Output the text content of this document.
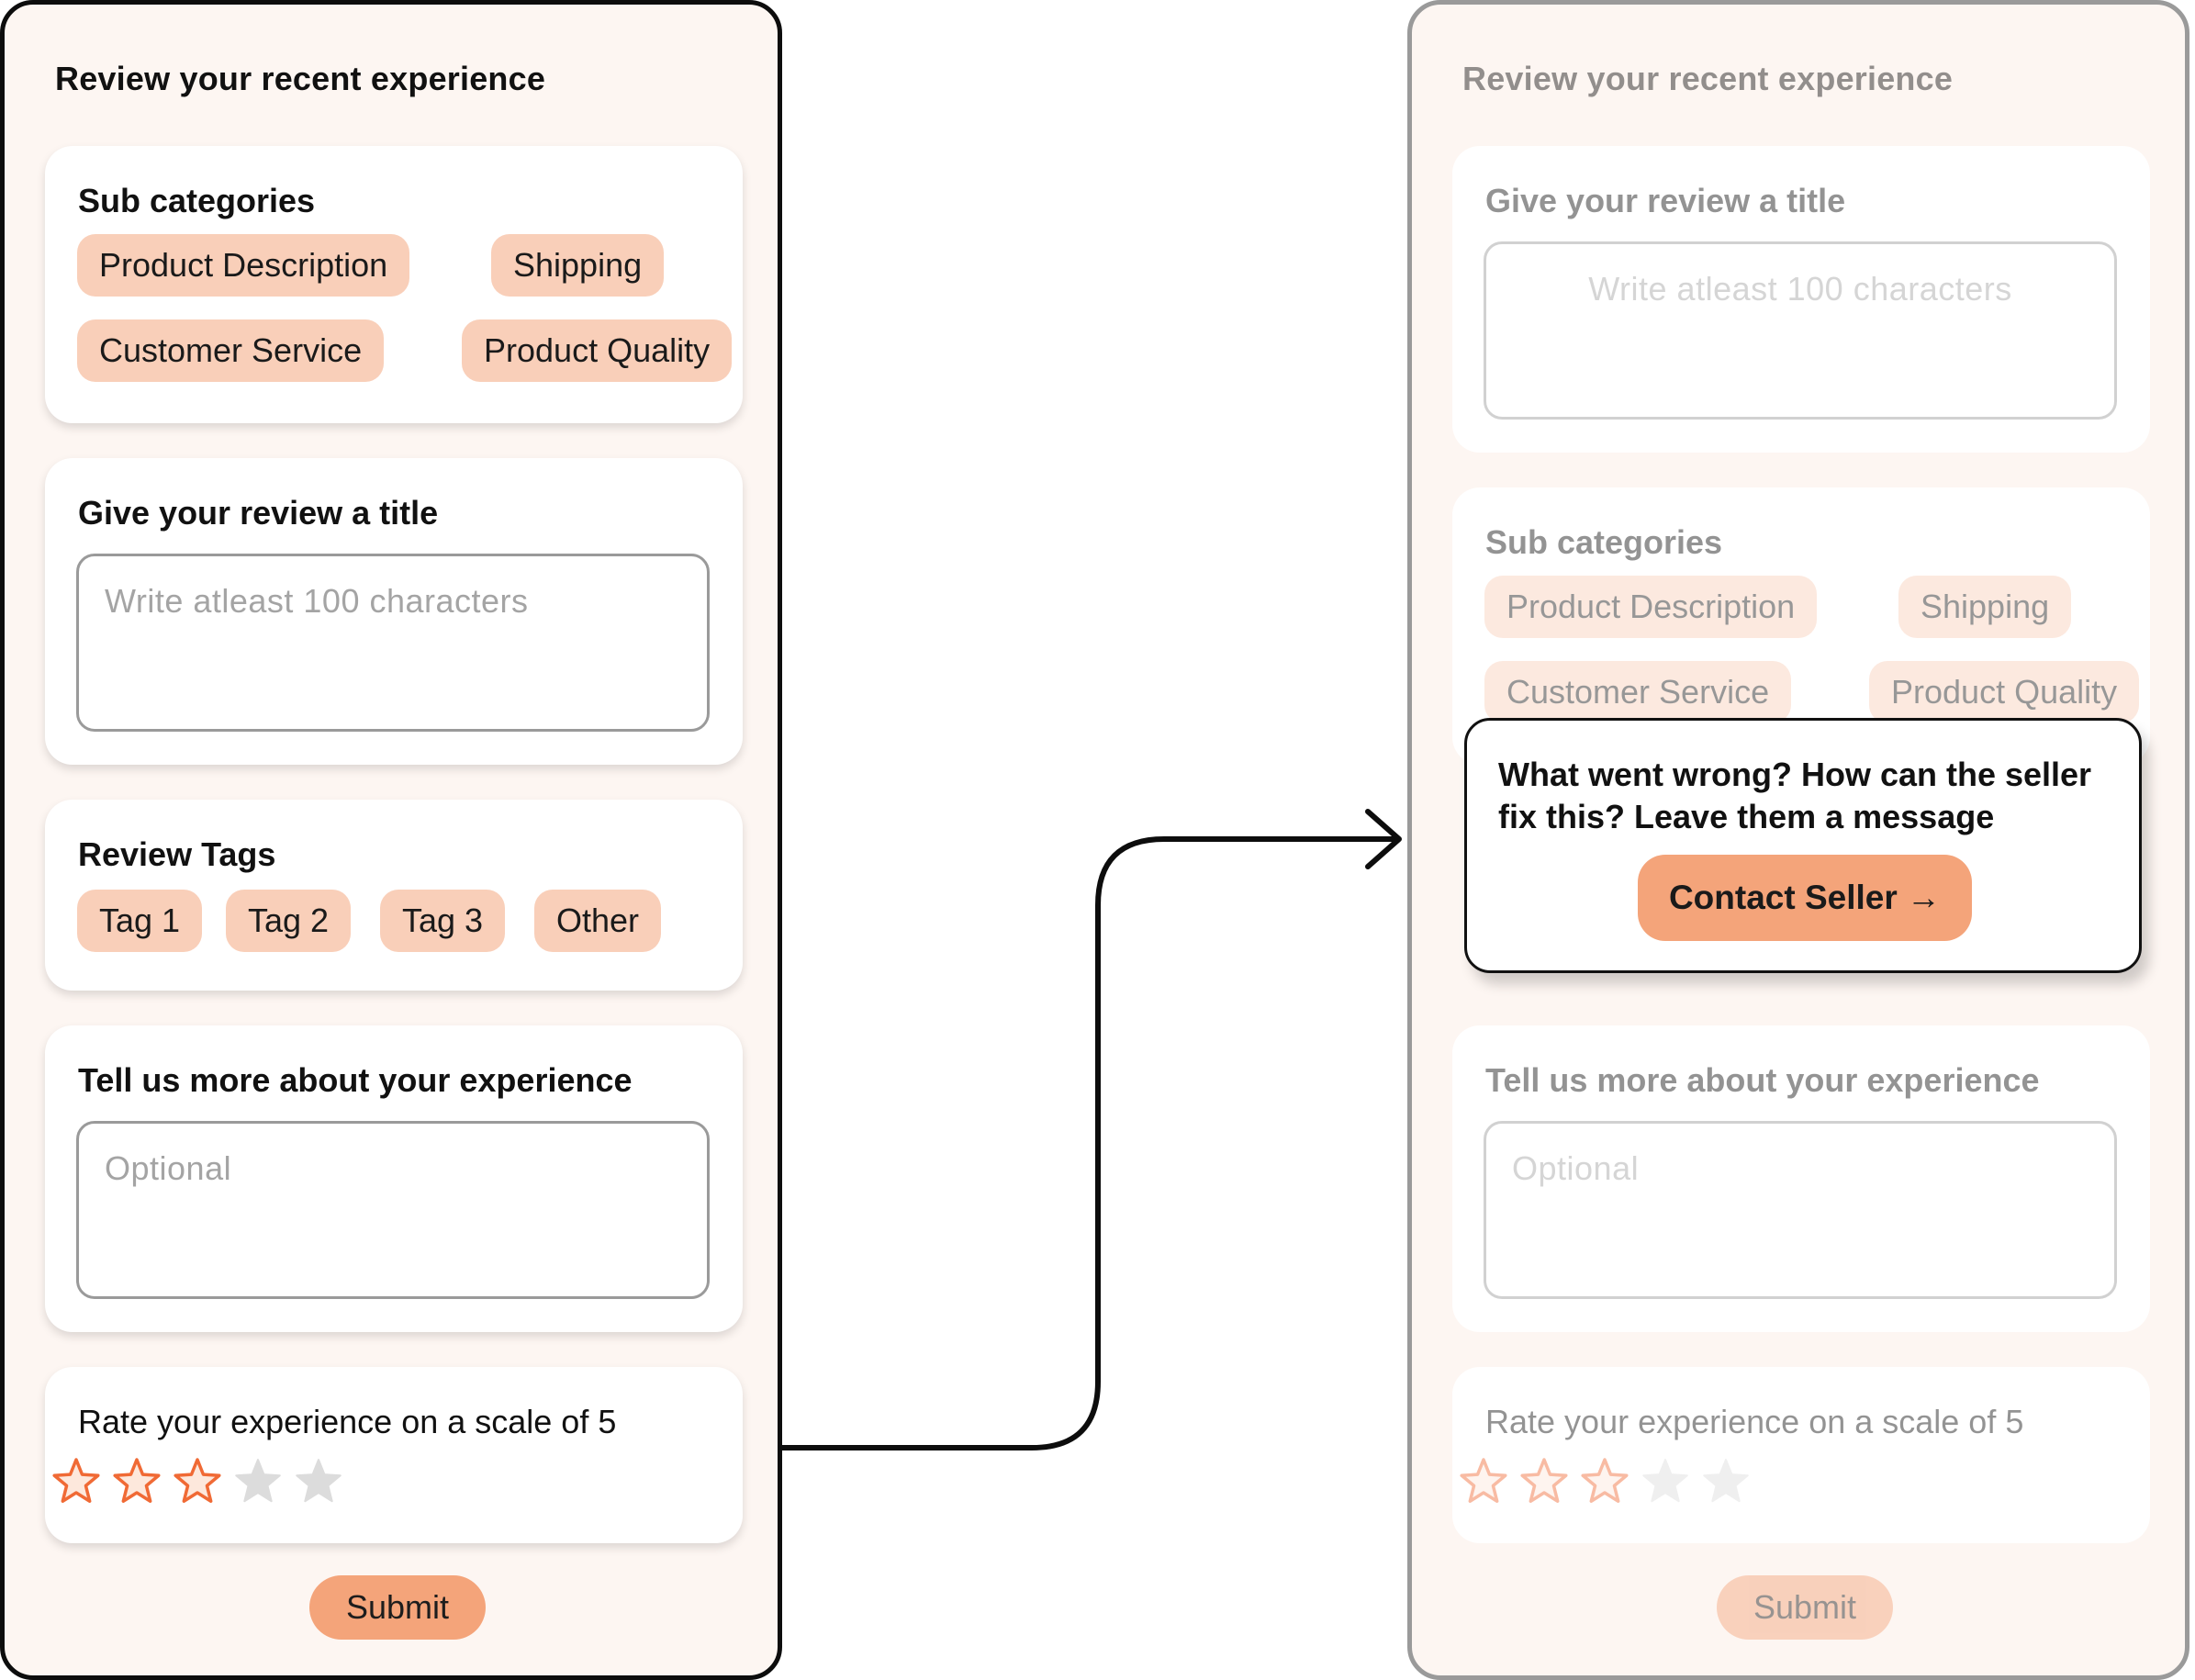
Review your recent experience
Sub categories
Product Description	Shipping
Customer Service	Product Quality
Give your review a title
Write atleast 100 characters
Review Tags
Tag 1	Tag 2	Tag 3	Other
Tell us more about your experience
Optional
Rate your experience on a scale of 5
Submit
Review your recent experience
Give your review a title
Write atleast 100 characters
Sub categories
Product Description	Shipping
Customer Service	Product Quality
Tell us more about your experience
Optional
Rate your experience on a scale of 5
Submit

What went wrong? How can the seller fix this? Leave them a message

Contact Seller →
